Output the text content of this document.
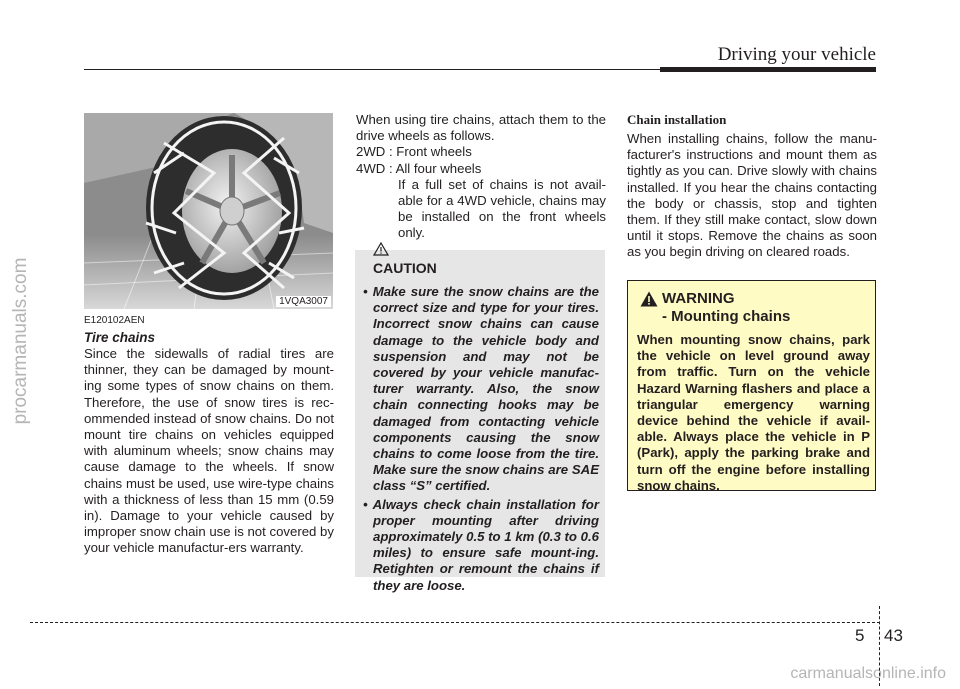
Driving your vehicle
procarmanuals.com
carmanualsonline.info
1VQA3007
E120102AEN
Tire chains

Since the sidewalls of radial tires are thinner, they can be damaged by mount-ing some types of snow chains on them. Therefore, the use of snow tires is rec-ommended instead of snow chains. Do not mount tire chains on vehicles equipped with aluminum wheels; snow chains may cause damage to the wheels. If snow chains must be used, use wire-type chains with a thickness of less than 15 mm (0.59 in). Damage to your vehicle caused by improper snow chain use is not covered by your vehicle manufactur-ers warranty.

When using tire chains, attach them to the drive wheels as follows.

2WD : Front wheels
4WD : All four wheels
If a full set of chains is not avail-able for a 4WD vehicle, chains may be installed on the front wheels only.
CAUTION
• Make sure the snow chains are the correct size and type for your tires. Incorrect snow chains can cause damage to the vehicle body and suspension and may not be covered by your vehicle manufac-turer warranty. Also, the snow chain connecting hooks may be damaged from contacting vehicle components causing the snow chains to come loose from the tire. Make sure the snow chains are SAE class “S” certified.
• Always check chain installation for proper mounting after driving approximately 0.5 to 1 km (0.3 to 0.6 miles) to ensure safe mount-ing. Retighten or remount the chains if they are loose.
Chain installation

When installing chains, follow the manu-facturer's instructions and mount them as tightly as you can. Drive slowly with chains installed. If you hear the chains contacting the body or chassis, stop and tighten them. If they still make contact, slow down until it stops. Remove the chains as soon as you begin driving on cleared roads.

WARNING
- Mounting chains

When mounting snow chains, park the vehicle on level ground away from traffic. Turn on the vehicle Hazard Warning flashers and place a triangular emergency warning device behind the vehicle if avail-able. Always place the vehicle in P (Park), apply the parking brake and turn off the engine before installing snow chains.

5 43
